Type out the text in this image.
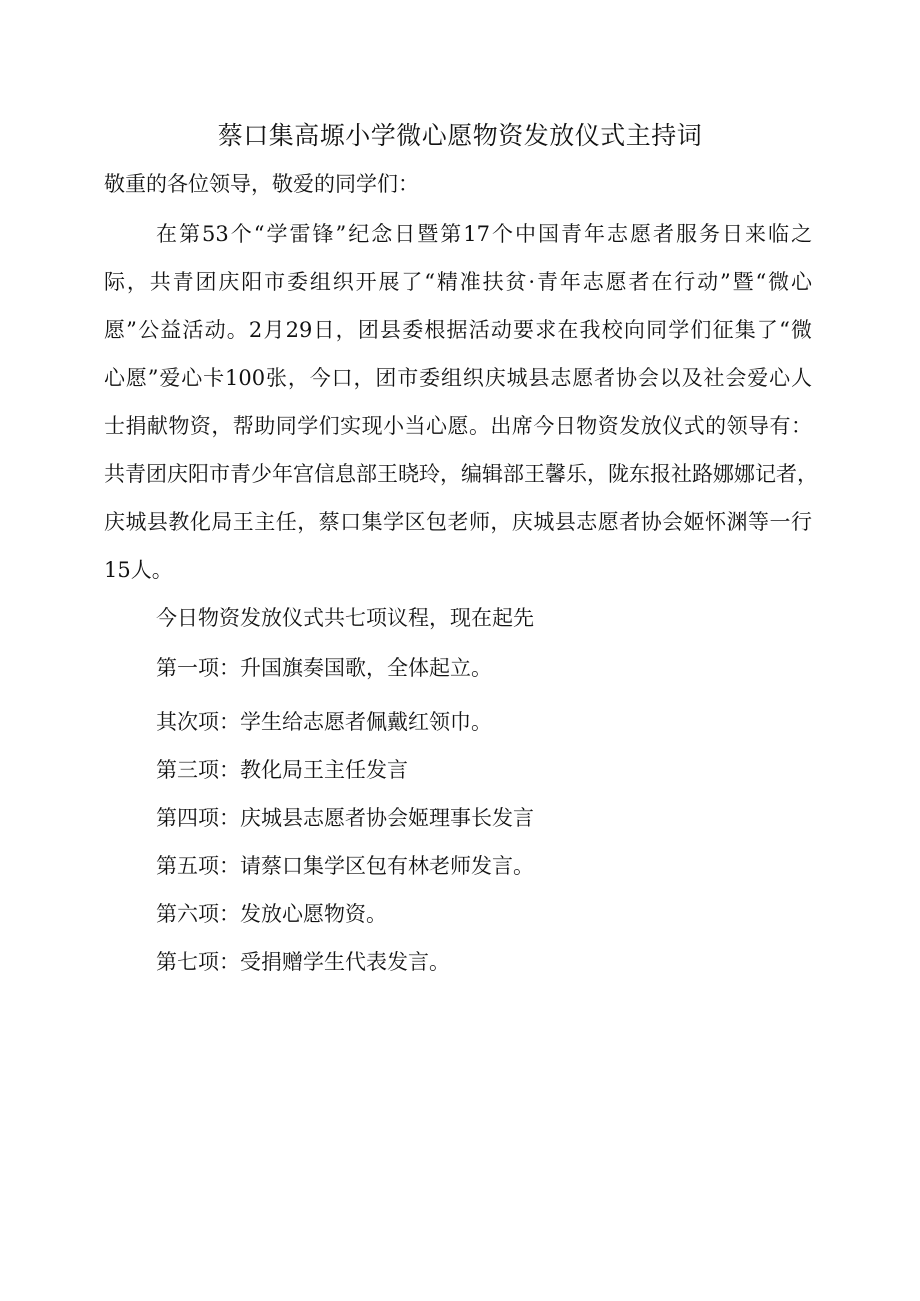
蔡口集高塬小学微心愿物资发放仪式主持词
敬重的各位领导，敬爱的同学们：
在第53个“学雷锋”纪念日暨第17个中国青年志愿者服务日来临之
际，共青团庆阳市委组织开展了“精准扶贫·青年志愿者在行动”暨“微心
愿”公益活动。2月29日，团县委根据活动要求在我校向同学们征集了“微
心愿”爱心卡100张，今口，团市委组织庆城县志愿者协会以及社会爱心人
士捐献物资，帮助同学们实现小当心愿。出席今日物资发放仪式的领导有：
共青团庆阳市青少年宫信息部王晓玲，编辑部王馨乐，陇东报社路娜娜记者，
庆城县教化局王主任，蔡口集学区包老师，庆城县志愿者协会姬怀渊等一行
15人。
今日物资发放仪式共七项议程，现在起先
第一项：升国旗奏国歌，全体起立。
其次项：学生给志愿者佩戴红领巾。
第三项：教化局王主任发言
第四项：庆城县志愿者协会姬理事长发言
第五项：请蔡口集学区包有林老师发言。
第六项：发放心愿物资。
第七项：受捐赠学生代表发言。
